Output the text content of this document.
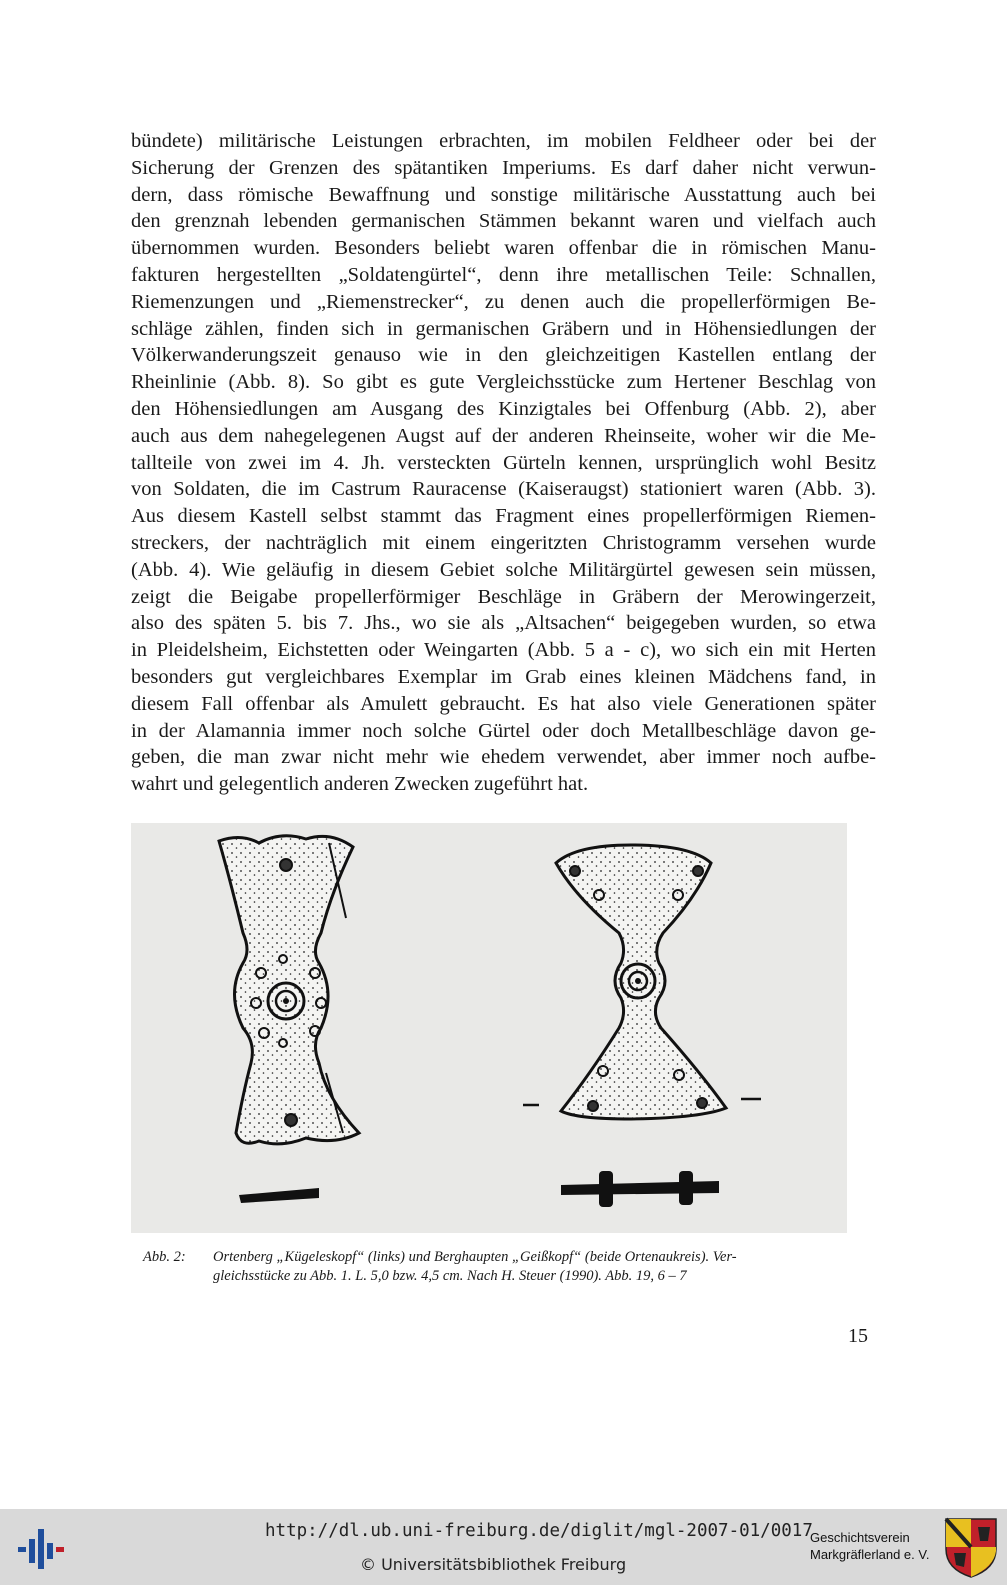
bündete) militärische Leistungen erbrachten, im mobilen Feldheer oder bei der
Sicherung der Grenzen des spätantiken Imperiums. Es darf daher nicht verwun-
dern, dass römische Bewaffnung und sonstige militärische Ausstattung auch bei
den grenznah lebenden germanischen Stämmen bekannt waren und vielfach auch
übernommen wurden. Besonders beliebt waren offenbar die in römischen Manu-
fakturen hergestellten „Soldatengürtel“, denn ihre metallischen Teile: Schnallen,
Riemenzungen und „Riemenstrecker“, zu denen auch die propellerförmigen Be-
schläge zählen, finden sich in germanischen Gräbern und in Höhensiedlungen der
Völkerwanderungszeit genauso wie in den gleichzeitigen Kastellen entlang der
Rheinlinie (Abb. 8). So gibt es gute Vergleichsstücke zum Hertener Beschlag von
den Höhensiedlungen am Ausgang des Kinzigtales bei Offenburg (Abb. 2), aber
auch aus dem nahegelegenen Augst auf der anderen Rheinseite, woher wir die Me-
tallteile von zwei im 4. Jh. versteckten Gürteln kennen, ursprünglich wohl Besitz
von Soldaten, die im Castrum Rauracense (Kaiseraugst) stationiert waren (Abb. 3).
Aus diesem Kastell selbst stammt das Fragment eines propellerförmigen Riemen-
streckers, der nachträglich mit einem eingeritzten Christogramm versehen wurde
(Abb. 4). Wie geläufig in diesem Gebiet solche Militärgürtel gewesen sein müssen,
zeigt die Beigabe propellerförmiger Beschläge in Gräbern der Merowingerzeit,
also des späten 5. bis 7. Jhs., wo sie als „Altsachen“ beigegeben wurden, so etwa
in Pleidelsheim, Eichstetten oder Weingarten (Abb. 5 a - c), wo sich ein mit Herten
besonders gut vergleichbares Exemplar im Grab eines kleinen Mädchens fand, in
diesem Fall offenbar als Amulett gebraucht. Es hat also viele Generationen später
in der Alamannia immer noch solche Gürtel oder doch Metallbeschläge davon ge-
geben, die man zwar nicht mehr wie ehedem verwendet, aber immer noch aufbe-
wahrt und gelegentlich anderen Zwecken zugeführt hat.
Abb. 2: Ortenberg „Kügeleskopf“ (links) und Berghaupten „Geißkopf“ (beide Ortenaukreis). Ver-
gleichsstücke zu Abb. 1. L. 5,0 bzw. 4,5 cm. Nach H. Steuer (1990). Abb. 19, 6 – 7
15
http://dl.ub.uni-freiburg.de/diglit/mgl-2007-01/0017
© Universitätsbibliothek Freiburg
Geschichtsverein
Markgräflerland e. V.
